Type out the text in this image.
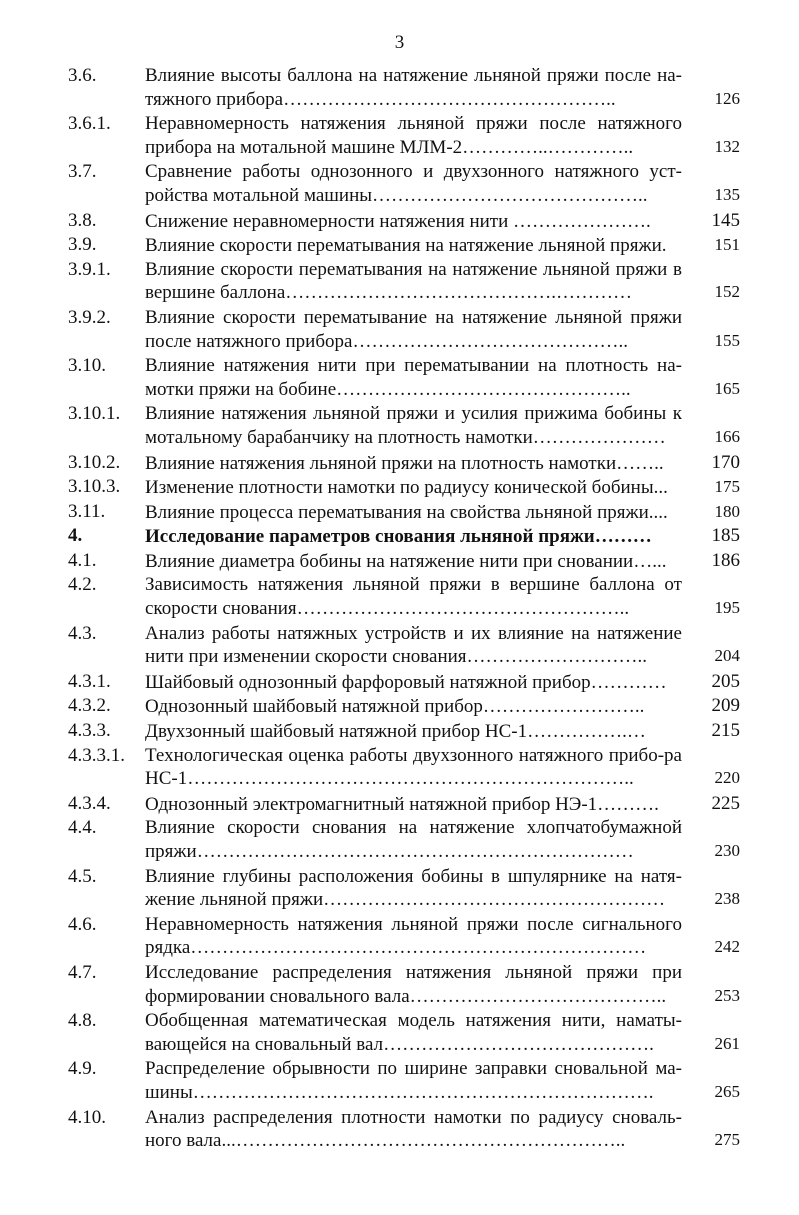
3
3.6.	Влияние высоты баллона на натяжение льняной пряжи после на-тяжного прибора……………………………………………..	126
3.6.1.	Неравномерность натяжения льняной пряжи после натяжного прибора на мотальной машине МЛМ-2…………..…………..	132
3.7.	Сравнение работы однозонного и двухзонного натяжного уст-ройства мотальной машины……………………………………..	135
3.8.	Снижение неравномерности натяжения нити ………………….	145
3.9.	Влияние скорости перематывания на натяжение льняной пряжи.	151
3.9.1.	Влияние скорости перематывания на натяжение льняной пряжи в вершине баллона…………………………………….…………	152
3.9.2.	Влияние скорости перематывание на натяжение льняной пряжи после натяжного прибора……………………………………..	155
3.10.	Влияние натяжения нити при перематывании на плотность на-мотки пряжи на бобине………………………………………..	165
3.10.1.	Влияние натяжения льняной пряжи и усилия прижима бобины к мотальному барабанчику на плотность намотки…………………	166
3.10.2.	Влияние натяжения льняной пряжи на плотность намотки……..	170
3.10.3.	Изменение плотности намотки по радиусу конической бобины...	175
3.11.	Влияние процесса перематывания на свойства льняной пряжи....	180
4.	Исследование параметров снования льняной пряжи………	185
4.1.	Влияние диаметра бобины на натяжение нити при сновании…...	186
4.2.	Зависимость натяжения льняной пряжи в вершине баллона от скорости снования……………………………………………..	195
4.3.	Анализ работы натяжных устройств и их влияние на натяжение нити при изменении скорости снования………………………..	204
4.3.1.	Шайбовый однозонный фарфоровый натяжной прибор…………	205
4.3.2.	Однозонный шайбовый натяжной прибор……………………..	209
4.3.3.	Двухзонный шайбовый натяжной прибор НС-1…………….…	215
4.3.3.1.	Технологическая оценка работы двухзонного натяжного прибо-ра НС-1……………………………………………………………..	220
4.3.4.	Однозонный электромагнитный натяжной прибор НЭ-1……….	225
4.4.	Влияние скорости снования на натяжение хлопчатобумажной пряжи……………………………………………………………	230
4.5.	Влияние глубины расположения бобины в шпулярнике на натя-жение льняной пряжи………………………………………………	238
4.6.	Неравномерность натяжения льняной пряжи после сигнального рядка………………………………………………………………	242
4.7.	Исследование распределения натяжения льняной пряжи при формировании сновального вала…………………………………..	253
4.8.	Обобщенная математическая модель натяжения нити, наматы-вающейся на сновальный вал…………………………………….	261
4.9.	Распределение обрывности по ширине заправки сновальной ма-шины……………………………………………………………….	265
4.10.	Анализ распределения плотности намотки по радиусу сноваль-ного вала...……………………………………………………..	275
